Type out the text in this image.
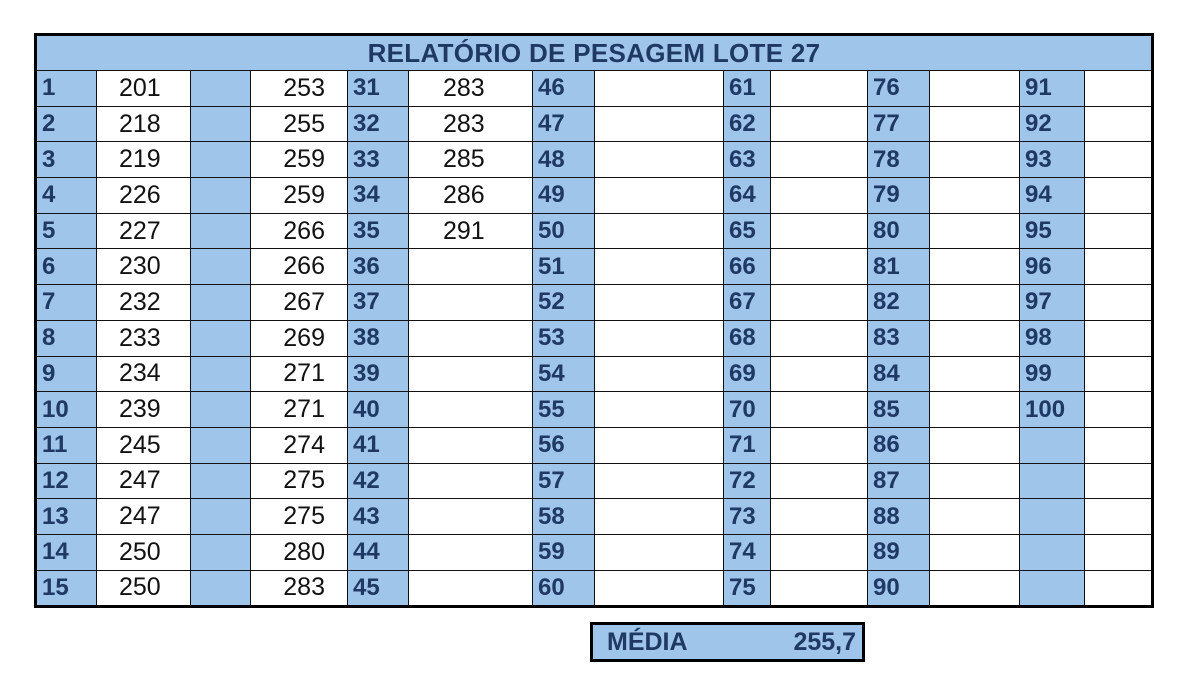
RELATÓRIO DE PESAGEM LOTE 27													
1	201		253	31	283	46		61		76		91	
2	218		255	32	283	47		62		77		92	
3	219		259	33	285	48		63		78		93	
4	226		259	34	286	49		64		79		94	
5	227		266	35	291	50		65		80		95	
6	230		266	36		51		66		81		96	
7	232		267	37		52		67		82		97	
8	233		269	38		53		68		83		98	
9	234		271	39		54		69		84		99	
10	239		271	40		55		70		85		100	
11	245		274	41		56		71		86			
12	247		275	42		57		72		87			
13	247		275	43		58		73		88			
14	250		280	44		59		74		89			
15	250		283	45		60		75		90			
MÉDIA	255,7
